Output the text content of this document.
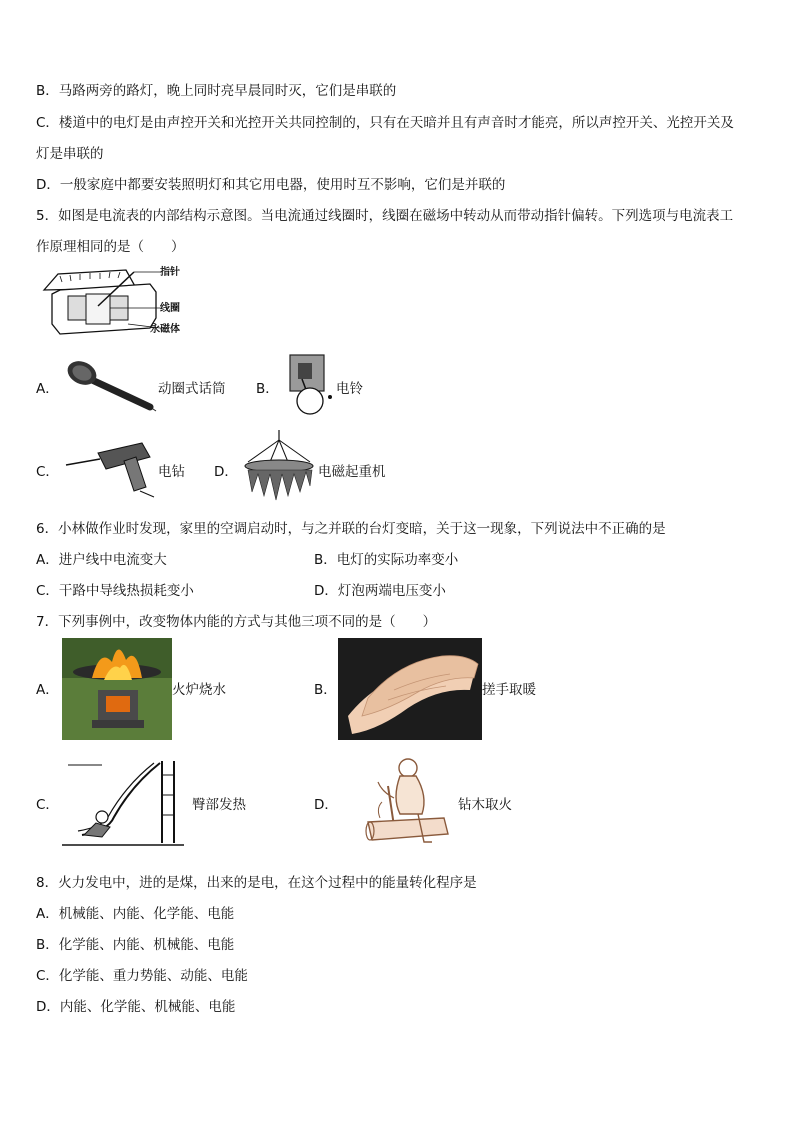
B．马路两旁的路灯，晚上同时亮早晨同时灭，它们是串联的
C．楼道中的电灯是由声控开关和光控开关共同控制的，只有在天暗并且有声音时才能亮，所以声控开关、光控开关及
灯是串联的
D．一般家庭中都要安装照明灯和其它用电器，使用时互不影响，它们是并联的
5．如图是电流表的内部结构示意图。当电流通过线圈时，线圈在磁场中转动从而带动指针偏转。下列选项与电流表工
作原理相同的是（　　）
指针
线圈
永磁体
A．	动圈式话筒 B．	电铃
C．	电钻 D．	电磁起重机
6．小林做作业时发现，家里的空调启动时，与之并联的台灯变暗，关于这一现象，下列说法中不正确的是
A．进户线中电流变大	B．电灯的实际功率变小
C．干路中导线热损耗变小	D．灯泡两端电压变小
7．下列事例中，改变物体内能的方式与其他三项不同的是（　　）
A．	火炉烧水	B．	搓手取暖
C．	臀部发热	D．	钻木取火
8．火力发电中，进的是煤，出来的是电，在这个过程中的能量转化程序是
A．机械能、内能、化学能、电能
B．化学能、内能、机械能、电能
C．化学能、重力势能、动能、电能
D．内能、化学能、机械能、电能
